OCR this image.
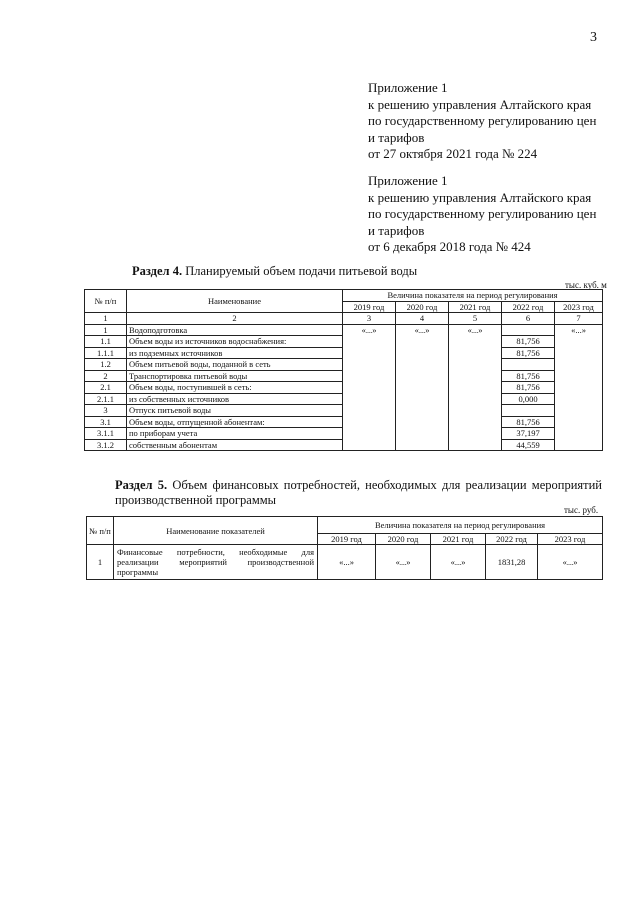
3
Приложение 1
к решению управления Алтайского края
по государственному регулированию цен
и тарифов
от 27 октября 2021 года № 224
Приложение 1
к решению управления Алтайского края
по государственному регулированию цен
и тарифов
от 6 декабря 2018 года № 424
Раздел 4. Планируемый объем подачи питьевой воды
тыс. куб. м
№ п/п	Наименование	Величина показателя на период регулирования				
		2019 год	2020 год	2021 год	2022 год	2023 год
1	2	3	4	5	6	7
1	Водоподготовка	«...»	«...»	«...»		«...»
1.1	Объем воды из источников водоснабжения:				81,756	
1.1.1	из подземных источников				81,756	
1.2	Объем питьевой воды, поданной в сеть					
2	Транспортировка питьевой воды				81,756	
2.1	Объем воды, поступившей в сеть:				81,756	
2.1.1	из собственных источников				0,000	
3	Отпуск питьевой воды					
3.1	Объем воды, отпущенной абонентам:				81,756	
3.1.1	по приборам учета				37,197	
3.1.2	собственным абонентам				44,559	
Раздел 5. Объем финансовых потребностей, необходимых для реализации мероприятий производственной программы
тыс. руб.
№ п/п	Наименование показателей	Величина показателя на период регулирования				
		2019 год	2020 год	2021 год	2022 год	2023 год
1	Финансовые потребности, необходимые для реализации мероприятий производственной программы	«...»	«...»	«...»	1831,28	«...»
